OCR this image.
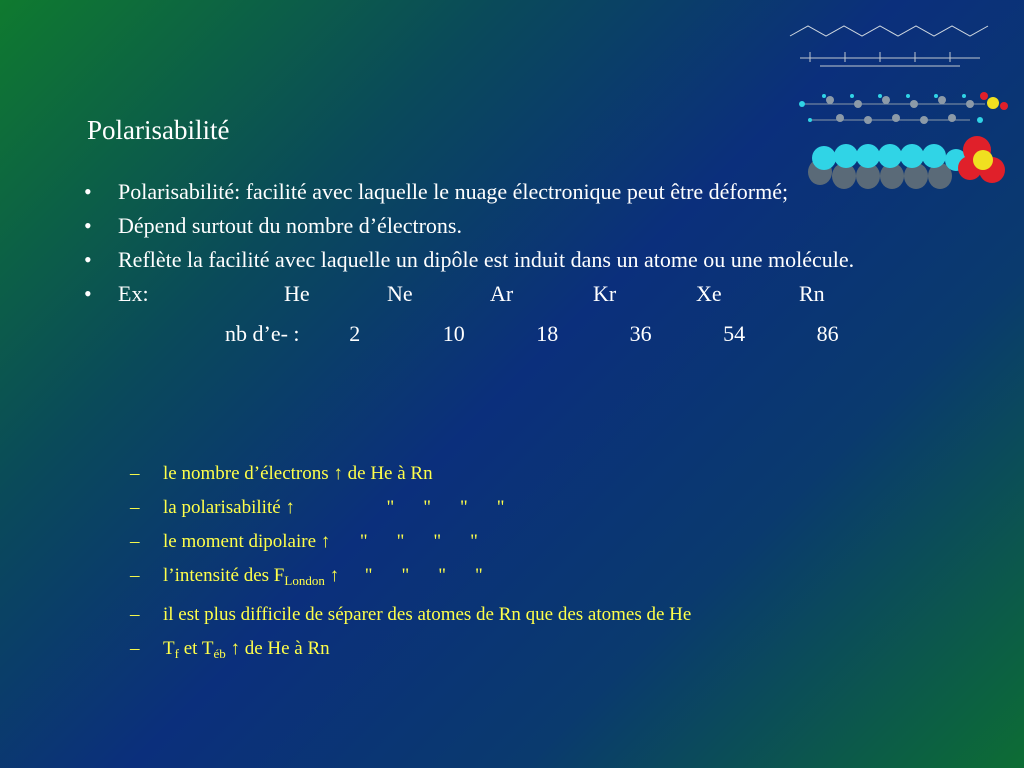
Polarisabilité
• Polarisabilité: facilité avec laquelle le nuage électronique peut être déformé;
• Dépend surtout du nombre d’électrons.
• Reflète la facilité avec laquelle un dipôle est induit dans un atome ou une molécule.
• Ex:	He	Ne	Ar	Kr	Xe	Rn
nb d’e- :	2	10	18	36	54	86
– le nombre d’électrons ↑ de He à Rn
– la polarisabilité ↑	" " " "
– le moment dipolaire ↑ " " " "
– l’intensité des $F_{London}$ ↑ " " " "
– il est plus difficile de séparer des atomes de Rn que des atomes de He
– $T_f$ et $T_{éb}$ ↑ de He à Rn
